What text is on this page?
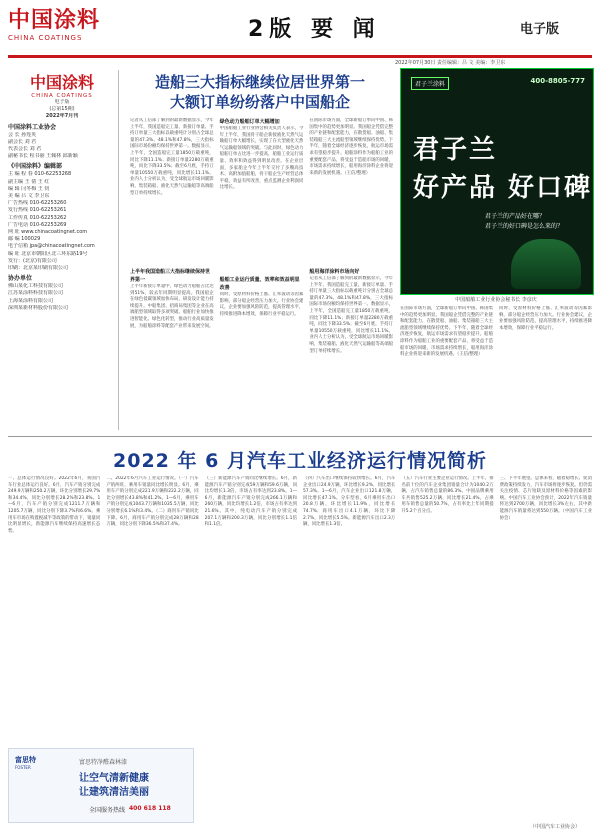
中国涂料
CHINA COATINGS	2版 要 闻	电子版
2022年07月30日 责任编辑：吕 文 美编：李卫东
中国涂料
CHINA COATINGS
电子版
(总第15期)
2022年7月刊
中国涂料工业协会
会 长 孙莲英
副会长 刘 君
代表会长 刘 君
副秘书长 程书丽 王佩林 邱新颖
《中国涂料》编辑部
主 编 程 春 010-62253268
副主编 王 倩 王 红
编 辑 闫冬梅 王 钊
美 编 吕 文 李卫东
广告热线 010-62253260
发行热线 010-62253261
工作传真 010-62253262
广告电话 010-62253269
网 址 www.chinacoatingnet.com
邮 编 100029
电子信箱 jpa@chinacoatingnet.com
编 址 北京市朝阳区北三环东路19号
发行：(北京)有限公司
印刷：北京某印刷有限公司
协办单位
佛山某化工科技有限公司
江苏某涂料科技有限公司
上海某涂料有限公司
深圳某新材料股份有限公司
造船三大指标继续位居世界第一
大额订单纷纷落户中国船企
记者从工信部了解到的最新数据显示，今年上半年，我国造船完工量、新接订单量、手持订单量三大指标以载重吨计分别占全球总量的47.3%、48.1%和47.8%，三大指标国际市场份额均保持世界第一。数据显示，上半年，全国造船完工量1850万载重吨，同比下降11.1%；新接订单量2280万载重吨，同比下降33.5%；截至6月底，手持订单量10550万载重吨，同比增长11.1%。业内人士分析认为，受全球航运市场回暖影响，集装箱船、液化天然气运输船等高端船型订单持续增长。
上半年我国造船三大指标继续保持世界第一
上半年新接订单量中，绿色动力船舶占比达到51%，较去年同期明显提高。我国船企在绿色低碳领域加快布局，研发设计能力持续提升。中船集团、招商局集团等企业在高端船型领域取得多项突破。船舶行业加快推进智能化、绿色化转型，推动行业高质量发展，为船舶涂料等配套产业带来发展空间。
绿色动力船舶订单大幅增加
中国船舶工业行业协会相关负责人表示，今年上半年，我国骨干船企新接液化天然气运输船订单大幅增长，实现了在大型液化天然气运输船领域的突破。与此同时，绿色动力船舶订单占比进一步提高，船舶工业运行质量、效率和效益得到明显改善。在企业层面，多家船企今年上半年交付了多艘高技术、高附加值船舶，骨干船企生产经营总体平稳，效益有所改善，重点监测企业利润同比增长。
船舶工业运行质量、效率和效益明显改善
同时，受原材料价格上涨、汇率波动等因素影响，部分船企经营压力加大。行业协会建议，企业要加强风险防范，提高管理水平，持续推进降本增效，保障行业平稳运行。
在国际市场方面，全球新船订单向中国、韩国集中的趋势更加明显。我国船企凭借完整的产业链和配套能力，在散货船、油船、集装箱船三大主流船型领域继续保持优势。下半年，随着全球经济逐步恢复，航运市场需求有望稳步提升。船舶涂料作为船舶工业的重要配套产品，将受益于造船市场的回暖，市场需求持续增长，船用海洋涂料企业将迎来新的发展机遇。（王信/整理）
船用海洋涂料市场向好
记者从工信部了解到的最新数据显示，今年上半年，我国造船完工量、新接订单量、手持订单量三大指标以载重吨计分别占全球总量的47.3%、48.1%和47.8%，三大指标国际市场份额均保持世界第一。数据显示，上半年，全国造船完工量1850万载重吨，同比下降11.1%；新接订单量2280万载重吨，同比下降33.5%；截至6月底，手持订单量10550万载重吨，同比增长11.1%。业内人士分析认为，受全球航运市场回暖影响，集装箱船、液化天然气运输船等高端船型订单持续增长。
君子兰涂料	400-8805-777
君子兰
好产品 好口碑
君子兰的产品好在哪？
君子兰的好口碑是怎么来的？
中国船舶工业行业协会秘书长 李彦庆
在国际市场方面，全球新船订单向中国、韩国集中的趋势更加明显。我国船企凭借完整的产业链和配套能力，在散货船、油船、集装箱船三大主流船型领域继续保持优势。下半年，随着全球经济逐步恢复，航运市场需求有望稳步提升。船舶涂料作为船舶工业的重要配套产品，将受益于造船市场的回暖，市场需求持续增长，船用海洋涂料企业将迎来新的发展机遇。（王信/整理）
同时，受原材料价格上涨、汇率波动等因素影响，部分船企经营压力加大。行业协会建议，企业要加强风险防范，提高管理水平，持续推进降本增效，保障行业平稳运行。
2022 年 6 月汽车工业经济运行情况简析
一、总体运行情况良好。2022年6月，我国汽车行业总体运行良好。6月，汽车产销分别完成249.9万辆和250.2万辆，环比分别增长29.7%和34.4%，同比分别增长28.2%和23.8%。1—6月，汽车产销分别完成1211.7万辆和1205.7万辆，同比分别下降3.7%和6.6%。乘用车市场在购置税减半等政策的带动下，销量同比明显增长，新能源汽车继续保持高速增长态势。
二、2022年6月汽车工业运行情况。（一）汽车产销两旺，乘用车销量同比增长明显。6月，乘用车产销分别完成221.9万辆和222.2万辆，同比分别增长43.8%和41.2%。1—6月，乘用车产销分别完成1043.7万辆和1035.5万辆，同比分别增长6.1%和3.4%。（二）商用车产销同比下降。6月，商用车产销分别完成28万辆和28万辆，同比分别下降36.5%和37.4%。
（三）新能源汽车产销同比继续增长。6月，新能源汽车产销分别完成59万辆和59.6万辆，同比均增长1.3倍，市场占有率达到23.8%。1—6月，新能源汽车产销分别完成266.1万辆和260万辆，同比均增长1.2倍，市场占有率达到21.6%。其中，纯电动汽车产销分别完成207.1万辆和200.3万辆，同比分别增长1.1倍和1.1倍。
（四）汽车出口继续保持较快增长。6月，汽车企业出口24.9万辆，环比增长9.2%，同比增长57.3%。1—6月，汽车企业出口121.8万辆，同比增长47.1%。分车型看，6月乘用车出口20.8万辆，环比增长11.9%，同比增长74.7%；商用车出口4.1万辆，环比下降2.7%，同比增长5.5%。新能源汽车出口2.3万辆，同比增长1.3倍。
（五）汽车行业主要企业运行情况。上半年，排名前十位的汽车企业集团销量合计为1040.2万辆，占汽车销售总量的86.3%。中国品牌乘用车共销售525.2万辆，同比增长21.4%，占乘用车销售总量的50.7%，占有率比上年同期提升5.2个百分点。
三、下半年展望。总体来看，随着稳增长、促消费政策持续发力，汽车市场将逐步恢复。但仍需关注疫情、芯片短缺及原材料价格等因素的影响。中国汽车工业协会预计，2022年汽车销量将达到2700万辆，同比增长3%左右，其中新能源汽车销量将达到550万辆。（中国汽车工业协会）
富思特
FOSTER
富思特净醛森林漆
让空气清新健康
让建筑清洁美丽
全国服务热线 400 618 118
（中国汽车工业协会）
